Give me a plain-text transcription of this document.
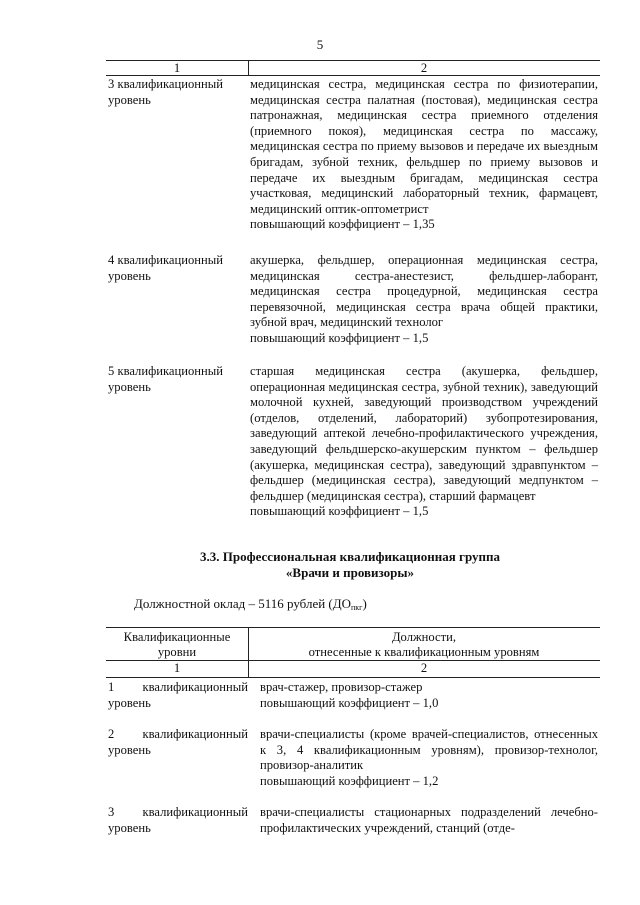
5
1	2
3 квалификационный
уровень
медицинская сестра, медицинская сестра по физиотерапии, медицинская сестра палатная (постовая), медицинская сестра патронажная, медицинская сестра приемного отделения (приемного покоя), медицинская сестра по массажу, медицинская сестра по приему вызовов и передаче их выездным бригадам, зубной техник, фельдшер по приему вызовов и передаче их выездным бригадам, медицинская сестра участковая, медицинский лабораторный техник, фармацевт, медицинский оптик-оптометрист
повышающий коэффициент – 1,35
4 квалификационный
уровень
акушерка, фельдшер, операционная медицинская сестра, медицинская сестра-анестезист, фельдшер-лаборант, медицинская сестра процедурной, медицинская сестра перевязочной, медицинская сестра врача общей практики, зубной врач, медицинский технолог
повышающий коэффициент – 1,5
5 квалификационный
уровень
старшая медицинская сестра (акушерка, фельдшер, операционная медицинская сестра, зубной техник), заведующий молочной кухней, заведующий производством учреждений (отделов, отделений, лабораторий) зубопротезирования, заведующий аптекой лечебно-профилактического учреждения, заведующий фельдшерско-акушерским пунктом – фельдшер (акушерка, медицинская сестра), заведующий здравпунктом – фельдшер (медицинская сестра), заведующий медпунктом – фельдшер (медицинская сестра), старший фармацевт
повышающий коэффициент – 1,5
3.3. Профессиональная квалификационная группа
«Врачи и провизоры»
Должностной оклад – 5116 рублей $(ДО_{пкг})$
Квалификационные
уровни
Должности,
отнесенные к квалификационным уровням
1	2
1 квалификационный
уровень
врач-стажер, провизор-стажер
повышающий коэффициент – 1,0
2 квалификационный
уровень
врачи-специалисты (кроме врачей-специалистов, отнесенных к 3, 4 квалификационным уровням), провизор-технолог, провизор-аналитик
повышающий коэффициент – 1,2
3 квалификационный
уровень
врачи-специалисты стационарных подразделений лечебно-профилактических учреждений, станций (отде-
